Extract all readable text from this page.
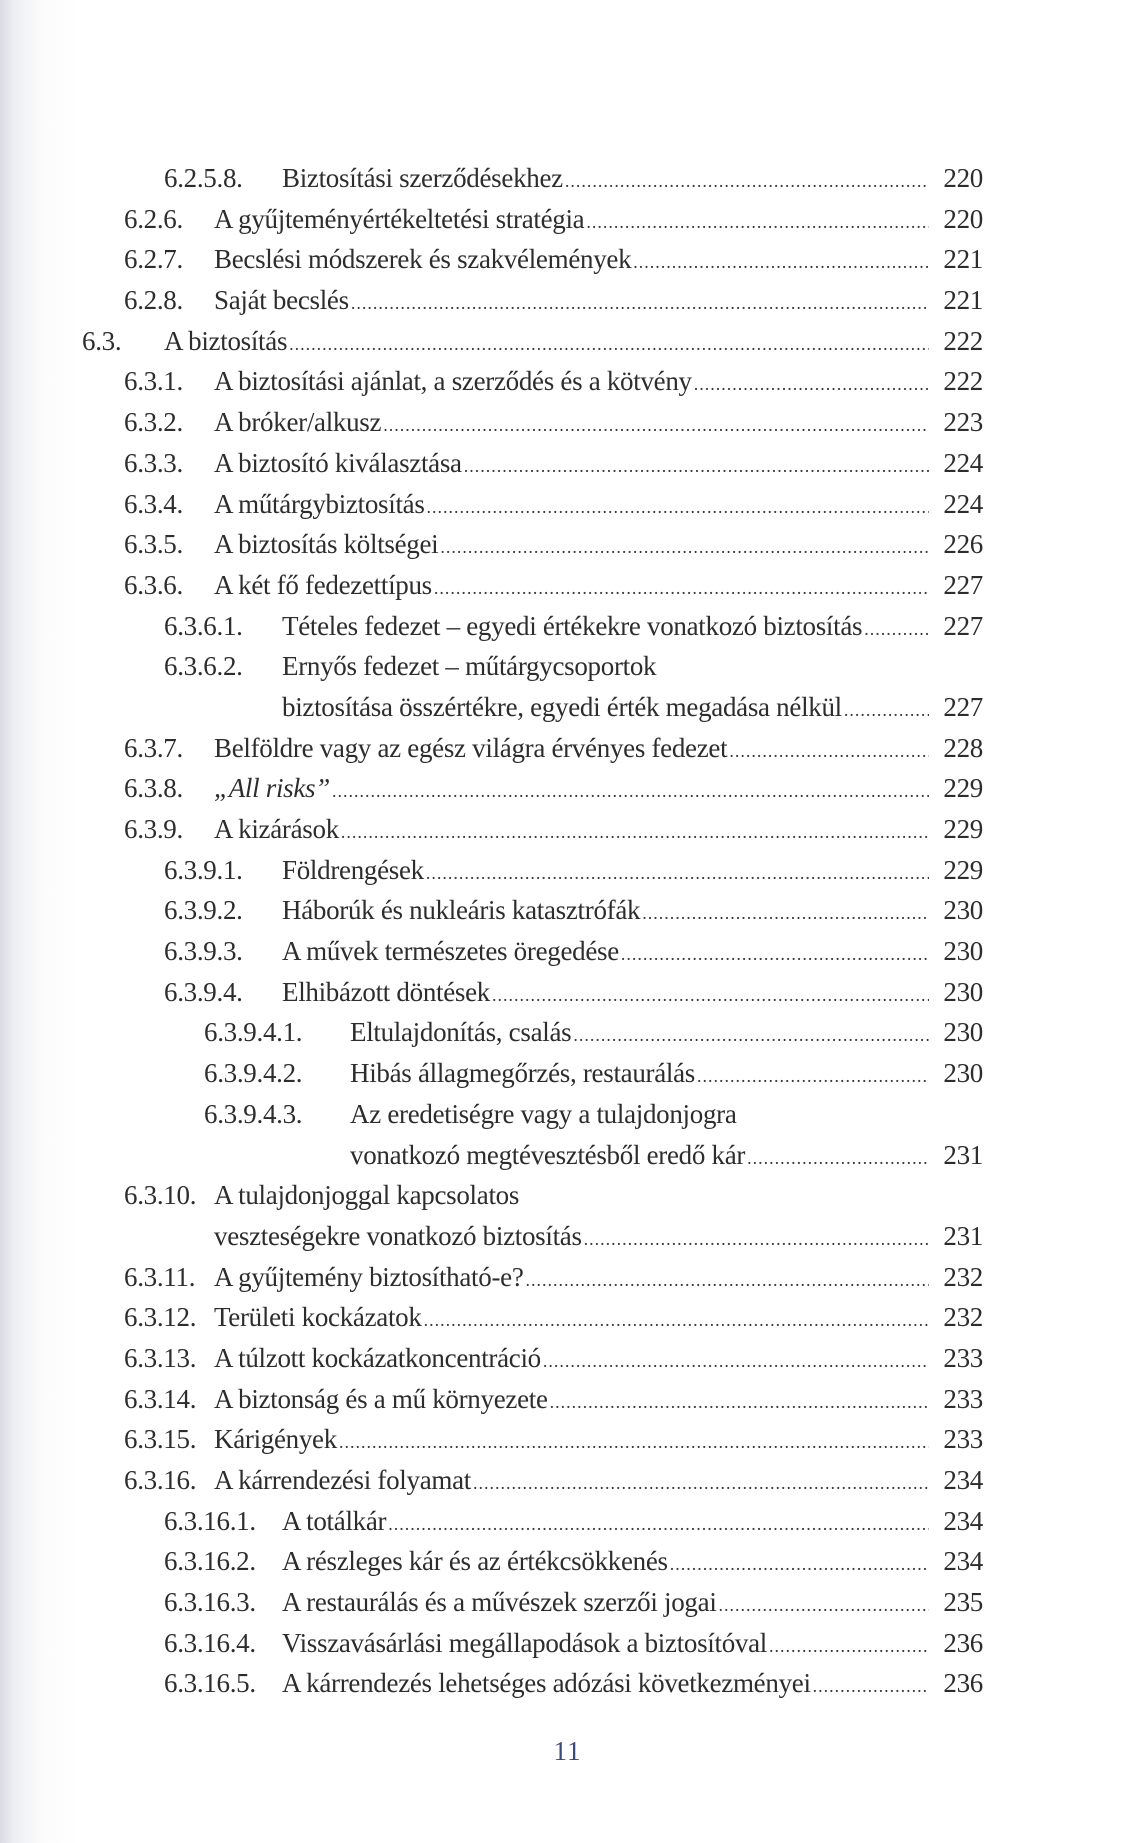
6.2.5.8. Biztosítási szerződésekhez .....	220
6.2.6. A gyűjteményértékeltetési stratégia .....	220
6.2.7. Becslési módszerek és szakvélemények .....	221
6.2.8. Saját becslés .....	221
6.3. A biztosítás .....	222
6.3.1. A biztosítási ajánlat, a szerződés és a kötvény .....	222
6.3.2. A bróker/alkusz .....	223
6.3.3. A biztosító kiválasztása .....	224
6.3.4. A műtárgybiztosítás .....	224
6.3.5. A biztosítás költségei .....	226
6.3.6. A két fő fedezettípus .....	227
6.3.6.1. Tételes fedezet – egyedi értékekre vonatkozó biztosítás .....	227
6.3.6.2. Ernyős fedezet – műtárgycsoportok
biztosítása összértékre, egyedi érték megadása nélkül .....	227
6.3.7. Belföldre vagy az egész világra érvényes fedezet .....	228
6.3.8. „All risks” .....	229
6.3.9. A kizárások .....	229
6.3.9.1. Földrengések .....	229
6.3.9.2. Háborúk és nukleáris katasztrófák .....	230
6.3.9.3. A művek természetes öregedése .....	230
6.3.9.4. Elhibázott döntések .....	230
6.3.9.4.1. Eltulajdonítás, csalás .....	230
6.3.9.4.2. Hibás állagmegőrzés, restaurálás .....	230
6.3.9.4.3. Az eredetiségre vagy a tulajdonjogra
vonatkozó megtévesztésből eredő kár .....	231
6.3.10. A tulajdonjoggal kapcsolatos
veszteségekre vonatkozó biztosítás .....	231
6.3.11. A gyűjtemény biztosítható-e? .....	232
6.3.12. Területi kockázatok .....	232
6.3.13. A túlzott kockázatkoncentráció .....	233
6.3.14. A biztonság és a mű környezete .....	233
6.3.15. Kárigények .....	233
6.3.16. A kárrendezési folyamat .....	234
6.3.16.1. A totálkár .....	234
6.3.16.2. A részleges kár és az értékcsökkenés .....	234
6.3.16.3. A restaurálás és a művészek szerzői jogai .....	235
6.3.16.4. Visszavásárlási megállapodások a biztosítóval .....	236
6.3.16.5. A kárrendezés lehetséges adózási következményei .....	236
11
